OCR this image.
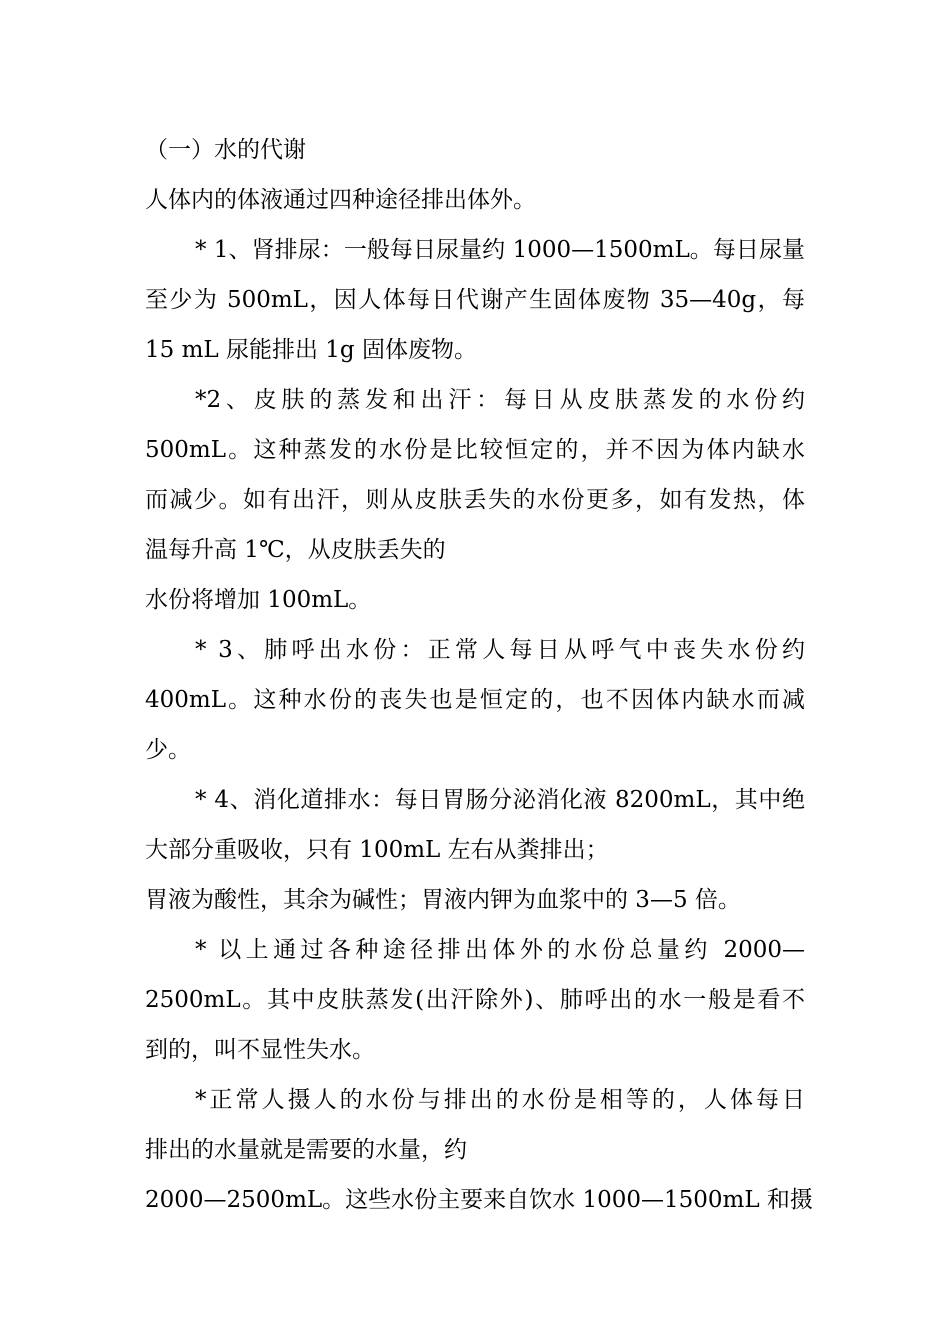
（一）水的代谢

人体内的体液通过四种途径排出体外。

* 1、肾排尿：一般每日尿量约 1000—1500mL。每日尿量

至少为 500mL，因人体每日代谢产生固体废物 35—40g，每

15 mL 尿能排出 1g 固体废物。

*2、皮肤的蒸发和出汗：每日从皮肤蒸发的水份约

500mL。这种蒸发的水份是比较恒定的，并不因为体内缺水

而减少。如有出汗，则从皮肤丢失的水份更多，如有发热，体

温每升高 1℃，从皮肤丢失的

水份将增加 100mL。

* 3、肺呼出水份：正常人每日从呼气中丧失水份约

400mL。这种水份的丧失也是恒定的，也不因体内缺水而减

少。

* 4、消化道排水：每日胃肠分泌消化液 8200mL，其中绝

大部分重吸收，只有 100mL 左右从粪排出；

胃液为酸性，其余为碱性；胃液内钾为血浆中的 3—5 倍。

* 以上通过各种途径排出体外的水份总量约 2000—

2500mL。其中皮肤蒸发(出汗除外)、肺呼出的水一般是看不

到的，叫不显性失水。

*正常人摄人的水份与排出的水份是相等的，人体每日

排出的水量就是需要的水量，约

2000—2500mL。这些水份主要来自饮水 1000—1500mL 和摄
